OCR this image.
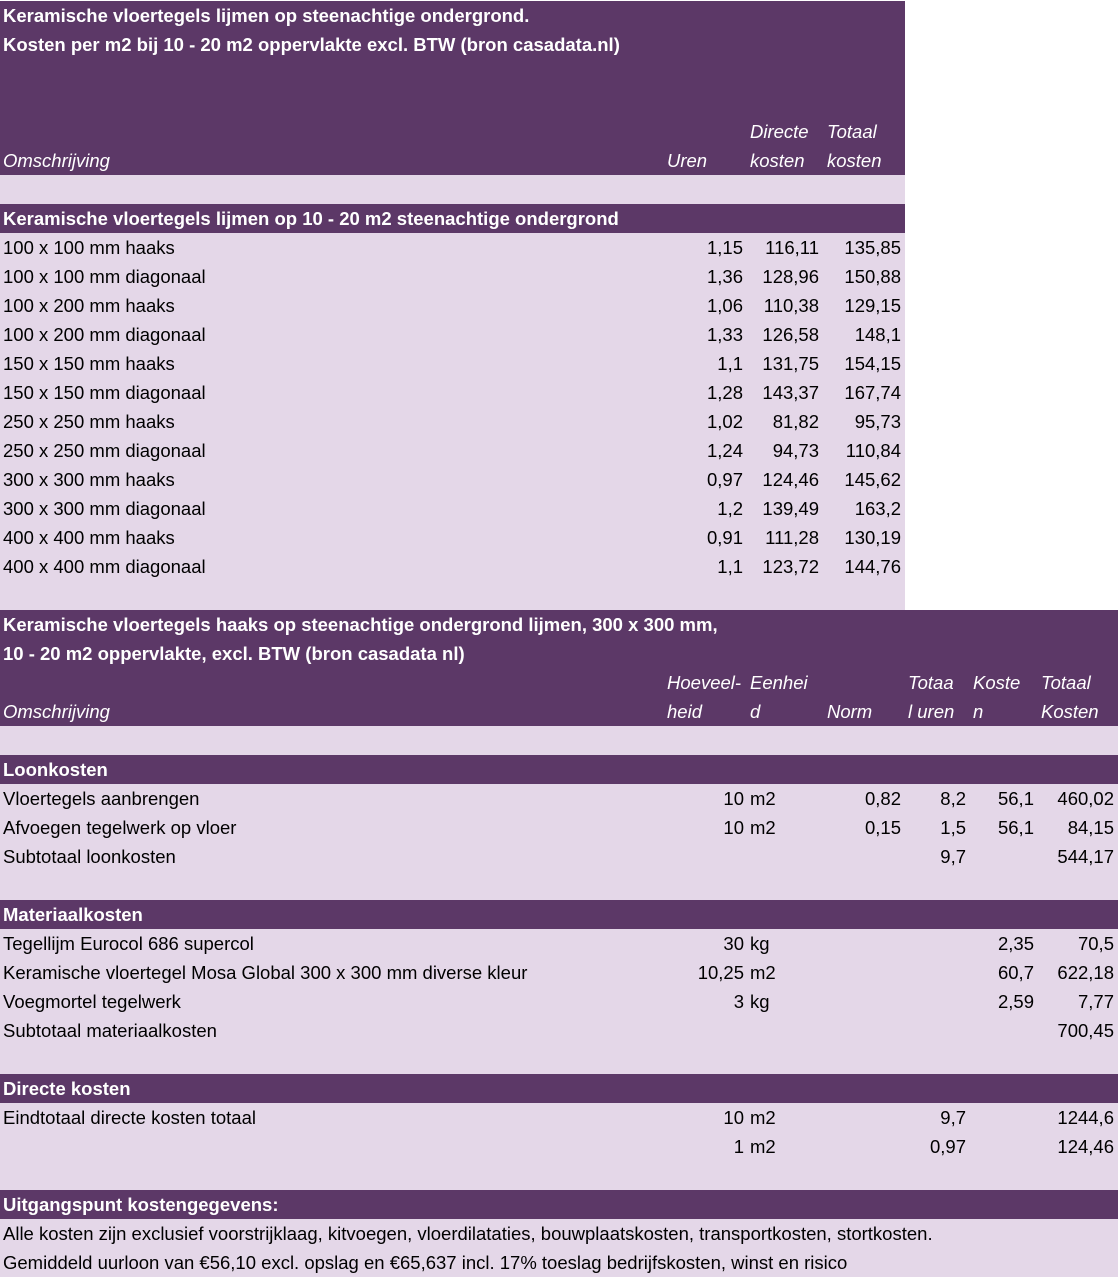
Keramische vloertegels lijmen op steenachtige ondergrond.
Kosten per m2 bij 10 - 20 m2 oppervlakte excl. BTW (bron casadata.nl)
Directe Totaal
Omschrijving	Uren kosten kosten
Keramische vloertegels lijmen op 10 - 20 m2 steenachtige ondergrond
100 x 100 mm haaks	1,15 116,11 135,85
100 x 100 mm diagonaal	1,36 128,96 150,88
100 x 200 mm haaks	1,06 110,38 129,15
100 x 200 mm diagonaal	1,33 126,58 148,1
150 x 150 mm haaks	1,1 131,75 154,15
150 x 150 mm diagonaal	1,28 143,37 167,74
250 x 250 mm haaks	1,02 81,82 95,73
250 x 250 mm diagonaal	1,24 94,73 110,84
300 x 300 mm haaks	0,97 124,46 145,62
300 x 300 mm diagonaal	1,2 139,49 163,2
400 x 400 mm haaks	0,91 111,28 130,19
400 x 400 mm diagonaal	1,1 123,72 144,76
Keramische vloertegels haaks op steenachtige ondergrond lijmen, 300 x 300 mm,
10 - 20 m2 oppervlakte, excl. BTW (bron casadata nl)
Hoeveel- Eenhei	Totaa Koste Totaal
Omschrijving	heid	d	Norm l uren n	Kosten
Loonkosten
Vloertegels aanbrengen	10 m2	0,82 8,2 56,1 460,02
Afvoegen tegelwerk op vloer	10 m2	0,15 1,5 56,1 84,15
Subtotaal loonkosten	9,7	544,17
Materiaalkosten
Tegellijm Eurocol 686 supercol	30 kg	2,35 70,5
Keramische vloertegel Mosa Global 300 x 300 mm diverse kleur	10,25 m2	60,7 622,18
Voegmortel tegelwerk	3 kg	2,59 7,77
Subtotaal materiaalkosten	700,45
Directe kosten
Eindtotaal directe kosten totaal	10 m2	9,7	1244,6
1 m2	0,97	124,46
Uitgangspunt kostengegevens:
Alle kosten zijn exclusief voorstrijklaag, kitvoegen, vloerdilataties, bouwplaatskosten, transportkosten, stortkosten.
Gemiddeld uurloon van €56,10 excl. opslag en €65,637 incl. 17% toeslag bedrijfskosten, winst en risico
